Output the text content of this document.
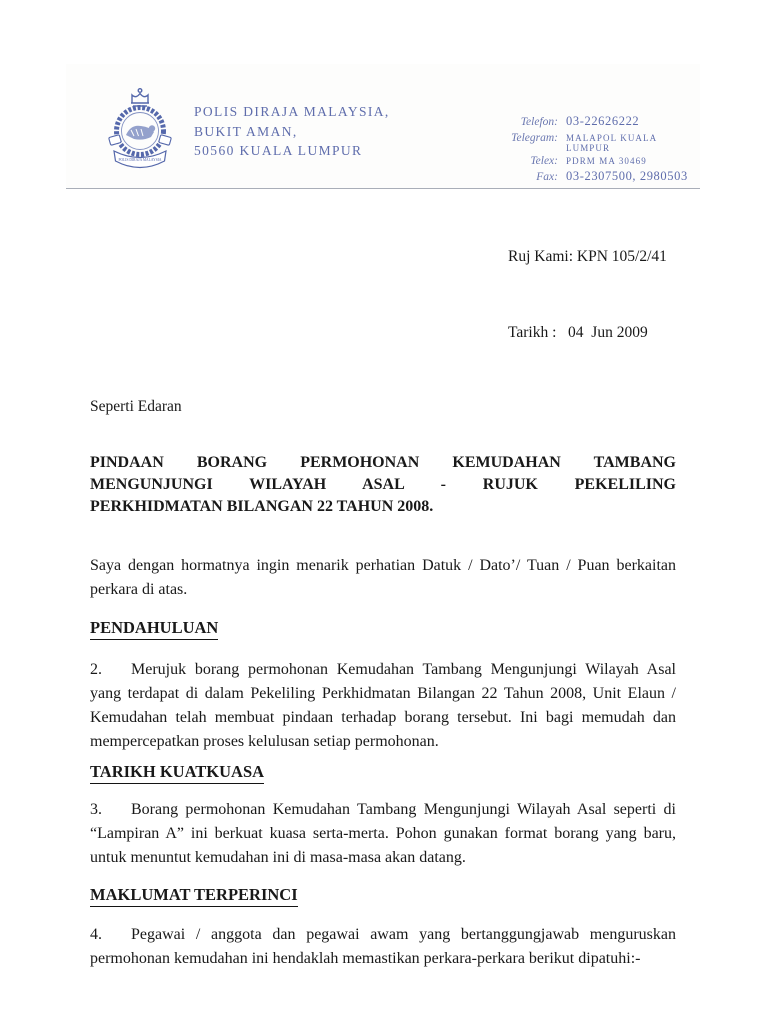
POLIS DIRAJA MALAYSIA
POLIS DIRAJA MALAYSIA,
BUKIT AMAN,
50560 KUALA LUMPUR
Telefon: 03-22626222
Telegram: MALAPOL KUALA LUMPUR
Telex: PDRM MA 30469
Fax: 03-2307500, 2980503

Ruj Kami: KPN 105/2/41

Tarikh :   04  Jun 2009

Seperti Edaran

PINDAAN BORANG PERMOHONAN KEMUDAHAN TAMBANG
MENGUNJUNGI WILAYAH ASAL - RUJUK PEKELILING
PERKHIDMATAN BILANGAN 22 TAHUN 2008.

Saya dengan hormatnya ingin menarik perhatian Datuk / Dato’/ Tuan / Puan berkaitan perkara di atas.

PENDAHULUAN

2. Merujuk borang permohonan Kemudahan Tambang Mengunjungi Wilayah Asal yang terdapat di dalam Pekeliling Perkhidmatan Bilangan 22 Tahun 2008, Unit Elaun / Kemudahan telah membuat pindaan terhadap borang tersebut. Ini bagi memudah dan mempercepatkan proses kelulusan setiap permohonan.

TARIKH KUATKUASA

3. Borang permohonan Kemudahan Tambang Mengunjungi Wilayah Asal seperti di “Lampiran A” ini berkuat kuasa serta-merta. Pohon gunakan format borang yang baru, untuk menuntut kemudahan ini di masa-masa akan datang.

MAKLUMAT TERPERINCI

4. Pegawai / anggota dan pegawai awam yang bertanggungjawab menguruskan permohonan kemudahan ini hendaklah memastikan perkara-perkara berikut dipatuhi:-
